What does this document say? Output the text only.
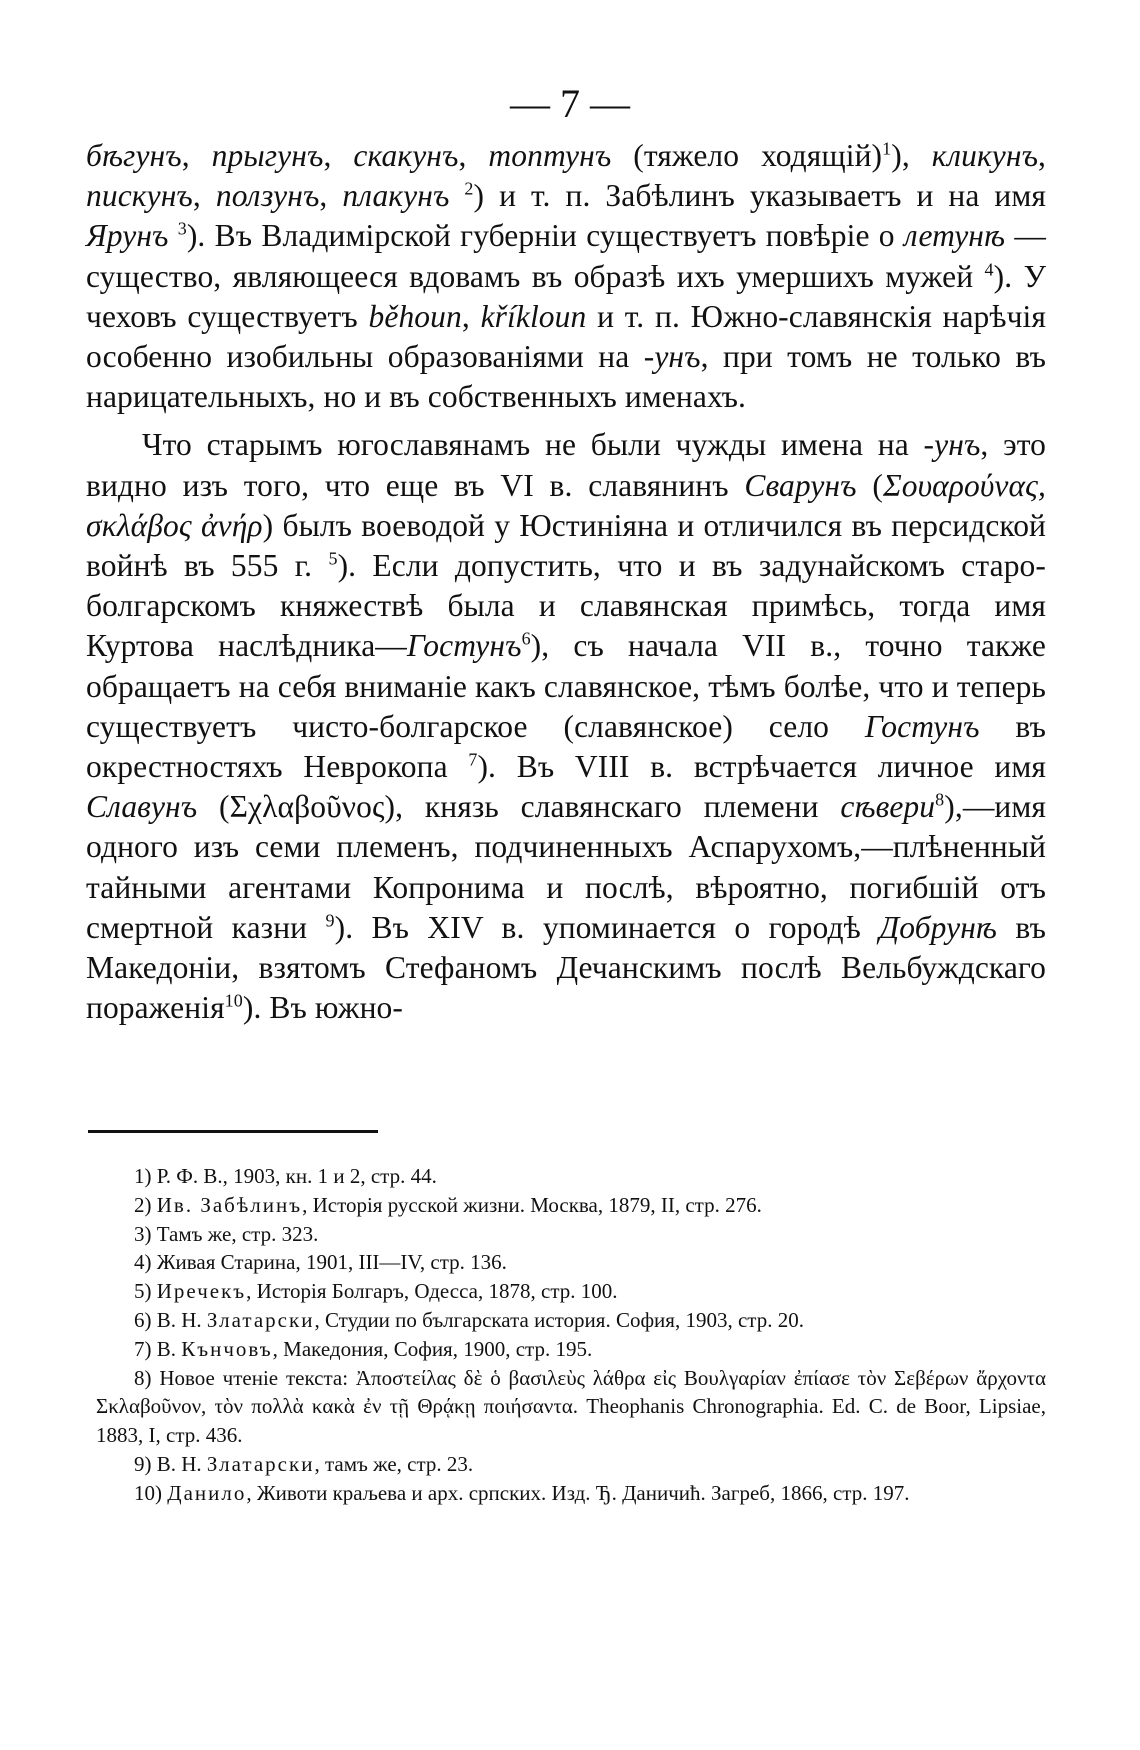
— 7 —

бѣгунъ, прыгунъ, скакунъ, топтунъ (тяжело ходящій)$^1$), кликунъ, пискунъ, ползунъ, плакунъ $^2$) и т. п. Забѣлинъ указываетъ и на имя Ярунъ $^3$). Въ Владимірской губерніи существуетъ повѣріе о летунѣ — существо, являющееся вдовамъ въ образѣ ихъ умершихъ мужей $^4$). У чеховъ существуетъ běhoun, kříkloun и т. п. Южно-славянскія нарѣчія особенно изобильны образованіями на -унъ, при томъ не только въ нарицательныхъ, но и въ собственныхъ именахъ.

Что старымъ югославянамъ не были чужды имена на -унъ, это видно изъ того, что еще въ VI в. славянинъ Сварунъ (Σουαρούνας, σκλάβος ἀνήρ) былъ воеводой у Юстиніяна и отличился въ персидской войнѣ въ 555 г. $^5$). Если допустить, что и въ задунайскомъ старо-болгарскомъ княжествѣ была и славянская примѣсь, тогда имя Куртова наслѣдника—Гостунъ$^6$), съ начала VII в., точно также обращаетъ на себя вниманіе какъ славянское, тѣмъ болѣе, что и теперь существуетъ чисто-болгарское (славянское) село Гостунъ въ окрестностяхъ Неврокопа $^7$). Въ VIII в. встрѣчается личное имя Славунъ (Σχλαβοῦνος), князь славянскаго племени сѣвери$^8$),—имя одного изъ семи племенъ, подчиненныхъ Аспарухомъ,—плѣненный тайными агентами Копронима и послѣ, вѣроятно, погибшій отъ смертной казни $^9$). Въ XIV в. упоминается о городѣ Добрунѣ въ Македоніи, взятомъ Стефаномъ Дечанскимъ послѣ Вельбуждскаго пораженія$^{10}$). Въ южно-

1) Р. Ф. В., 1903, кн. 1 и 2, стр. 44.

2) Ив. Забѣлинъ, Исторія русской жизни. Москва, 1879, II, стр. 276.

3) Тамъ же, стр. 323.

4) Живая Старина, 1901, III—IV, стр. 136.

5) Иречекъ, Исторія Болгаръ, Одесса, 1878, стр. 100.

6) В. Н. Златарски, Студии по българската история. София, 1903, стр. 20.

7) В. Кънчовъ, Македония, София, 1900, стр. 195.

8) Новое чтеніе текста: Ἀποστείλας δὲ ὁ βασιλεὺς λάθρα εἰς Βουλγαρίαν ἐπίασε τὸν Σεβέρων ἄρχοντα Σκλαβοῦνον, τὸν πολλὰ κακὰ ἐν τῇ Θρᾴκῃ ποιήσαντα. Theophanis Chronographia. Ed. C. de Boor, Lipsiae, 1883, I, стр. 436.

9) В. Н. Златарски, тамъ же, стр. 23.

10) Данило, Животи краљева и арх. српских. Изд. Ђ. Даничић. Загреб, 1866, стр. 197.
